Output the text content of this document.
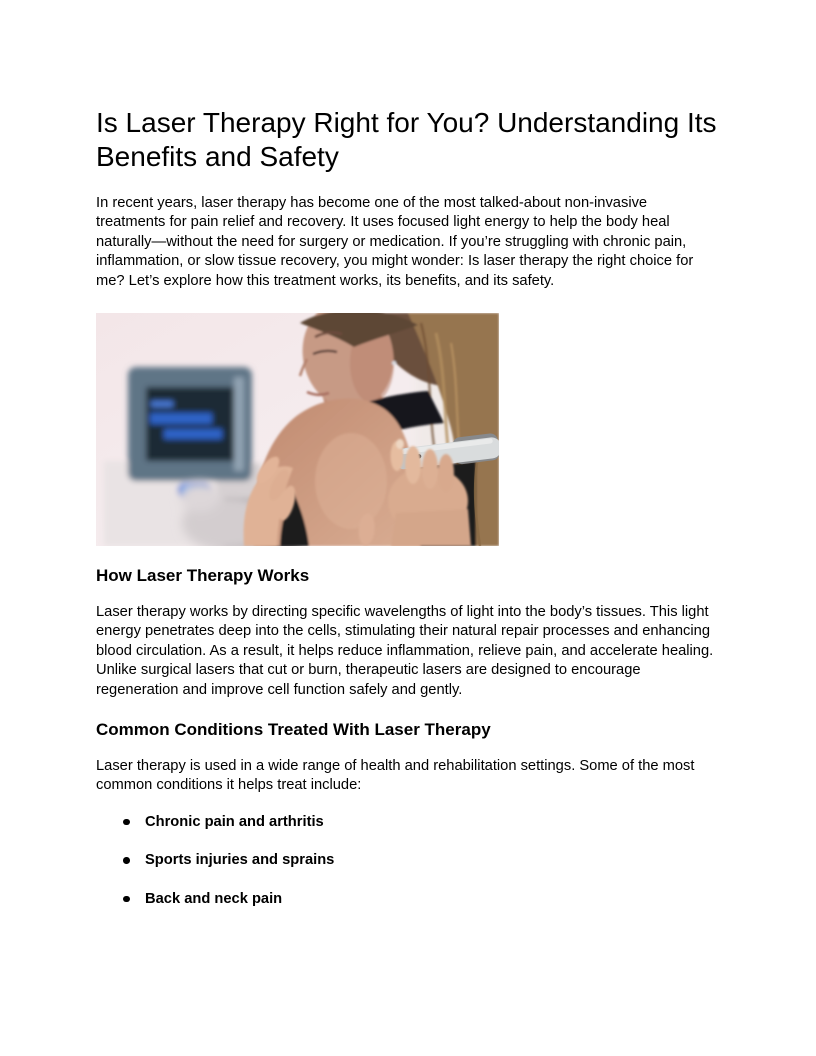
Is Laser Therapy Right for You? Understanding Its Benefits and Safety

In recent years, laser therapy has become one of the most talked-about non-invasive treatments for pain relief and recovery. It uses focused light energy to help the body heal naturally—without the need for surgery or medication. If you’re struggling with chronic pain, inflammation, or slow tissue recovery, you might wonder: Is laser therapy the right choice for me? Let’s explore how this treatment works, its benefits, and its safety.

How Laser Therapy Works

Laser therapy works by directing specific wavelengths of light into the body’s tissues. This light energy penetrates deep into the cells, stimulating their natural repair processes and enhancing blood circulation. As a result, it helps reduce inflammation, relieve pain, and accelerate healing. Unlike surgical lasers that cut or burn, therapeutic lasers are designed to encourage regeneration and improve cell function safely and gently.

Common Conditions Treated With Laser Therapy

Laser therapy is used in a wide range of health and rehabilitation settings. Some of the most common conditions it helps treat include:

Chronic pain and arthritis
Sports injuries and sprains
Back and neck pain
